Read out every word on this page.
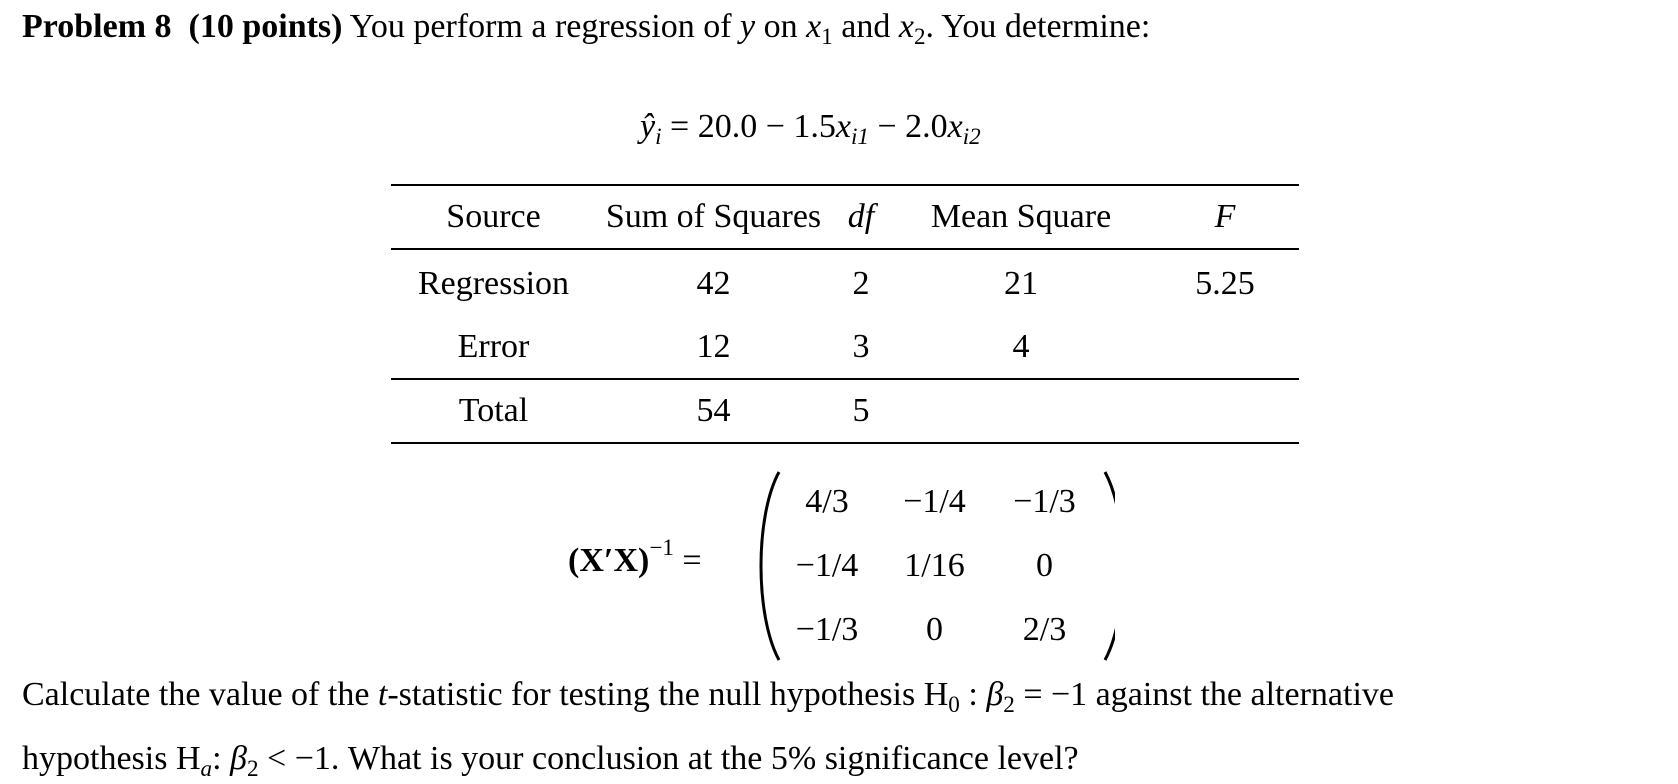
Problem 8 (10 points) You perform a regression of y on $x_1$ and $x_2$. You determine:
$ŷ_i = 20.0 - 1.5x_{i1} - 2.0x_{i2}$
Source	Sum of Squares	df	Mean Square	F
Regression	42	2	21	5.25
Error	12	3	4	
Total	54	5		
$(X'X)^{-1}$ =
4/3	−1/4	−1/3
−1/4	1/16	0
−1/3	0	2/3
Calculate the value of the t-statistic for testing the null hypothesis $H_0$ : $\beta_2 = -1$ against the alternative
hypothesis $H_a$: $\beta_2 < -1$. What is your conclusion at the 5% significance level?
